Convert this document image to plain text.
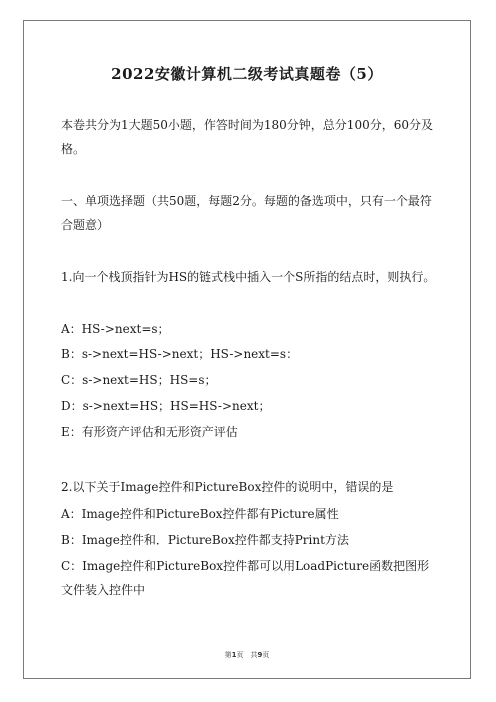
2022安徽计算机二级考试真题卷（5）
本卷共分为1大题50小题，作答时间为180分钟，总分100分，60分及格。
一、单项选择题（共50题，每题2分。每题的备选项中，只有一个最符合题意）
1.向一个栈顶指针为HS的链式栈中插入一个S所指的结点时，则执行。
A：HS->next=s；
B：s->next=HS->next；HS->next=s：
C：s->next=HS；HS=s；
D：s->next=HS；HS=HS->next；
E：有形资产评估和无形资产评估
2.以下关于Image控件和PictureBox控件的说明中，错误的是
A：Image控件和PictureBox控件都有Picture属性
B：Image控件和．PictureBox控件都支持Print方法
C：Image控件和PictureBox控件都可以用LoadPicture函数把图形文件装入控件中
第1页　共9页
